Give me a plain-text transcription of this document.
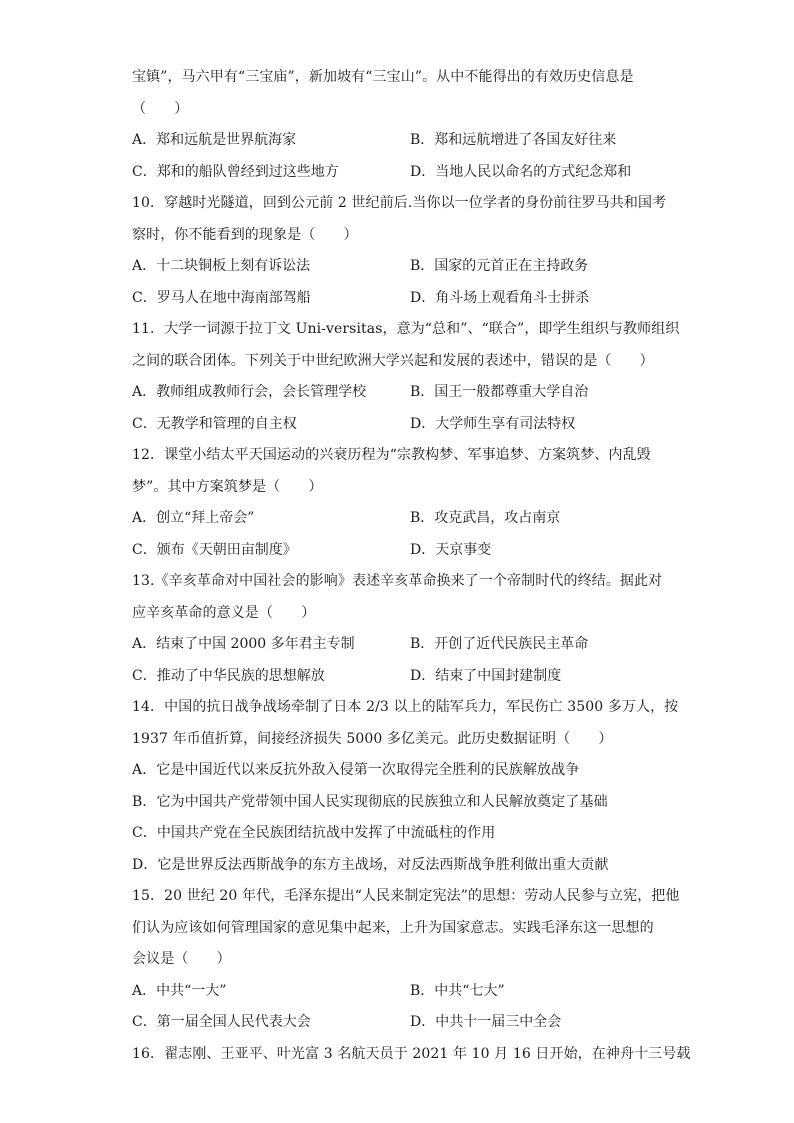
宝镇”，马六甲有“三宝庙”，新加坡有“三宝山”。从中不能得出的有效历史信息是
（　　）
A．郑和远航是世界航海家	B．郑和远航增进了各国友好往来
C．郑和的船队曾经到过这些地方	D．当地人民以命名的方式纪念郑和
10．穿越时光隧道，回到公元前 2 世纪前后.当你以一位学者的身份前往罗马共和国考
察时，你不能看到的现象是（　　）
A．十二块铜板上刻有诉讼法	B．国家的元首正在主持政务
C．罗马人在地中海南部驾船	D．角斗场上观看角斗士拼杀
11．大学一词源于拉丁文 Uni-versitas，意为“总和”、“联合”，即学生组织与教师组织
之间的联合团体。下列关于中世纪欧洲大学兴起和发展的表述中，错误的是（　　）
A．教师组成教师行会，会长管理学校	B．国王一般都尊重大学自治
C．无教学和管理的自主权	D．大学师生享有司法特权
12．课堂小结太平天国运动的兴衰历程为“宗教构梦、军事追梦、方案筑梦、内乱毁
梦”。其中方案筑梦是（　　）
A．创立“拜上帝会”	B．攻克武昌，攻占南京
C．颁布《天朝田亩制度》	D．天京事变
13.《辛亥革命对中国社会的影响》表述辛亥革命换来了一个帝制时代的终结。据此对
应辛亥革命的意义是（　　）
A．结束了中国 2000 多年君主专制	B．开创了近代民族民主革命
C．推动了中华民族的思想解放	D．结束了中国封建制度
14．中国的抗日战争战场牵制了日本 2/3 以上的陆军兵力，军民伤亡 3500 多万人，按
1937 年币值折算，间接经济损失 5000 多亿美元。此历史数据证明（　　）
A．它是中国近代以来反抗外敌入侵第一次取得完全胜利的民族解放战争
B．它为中国共产党带领中国人民实现彻底的民族独立和人民解放奠定了基础
C．中国共产党在全民族团结抗战中发挥了中流砥柱的作用
D．它是世界反法西斯战争的东方主战场，对反法西斯战争胜利做出重大贡献
15．20 世纪 20 年代，毛泽东提出“人民来制定宪法”的思想：劳动人民参与立宪，把他
们认为应该如何管理国家的意见集中起来，上升为国家意志。实践毛泽东这一思想的
会议是（　　）
A．中共“一大”	B．中共“七大”
C．第一届全国人民代表大会	D．中共十一届三中全会
16．翟志刚、王亚平、叶光富 3 名航天员于 2021 年 10 月 16 日开始，在神舟十三号载
